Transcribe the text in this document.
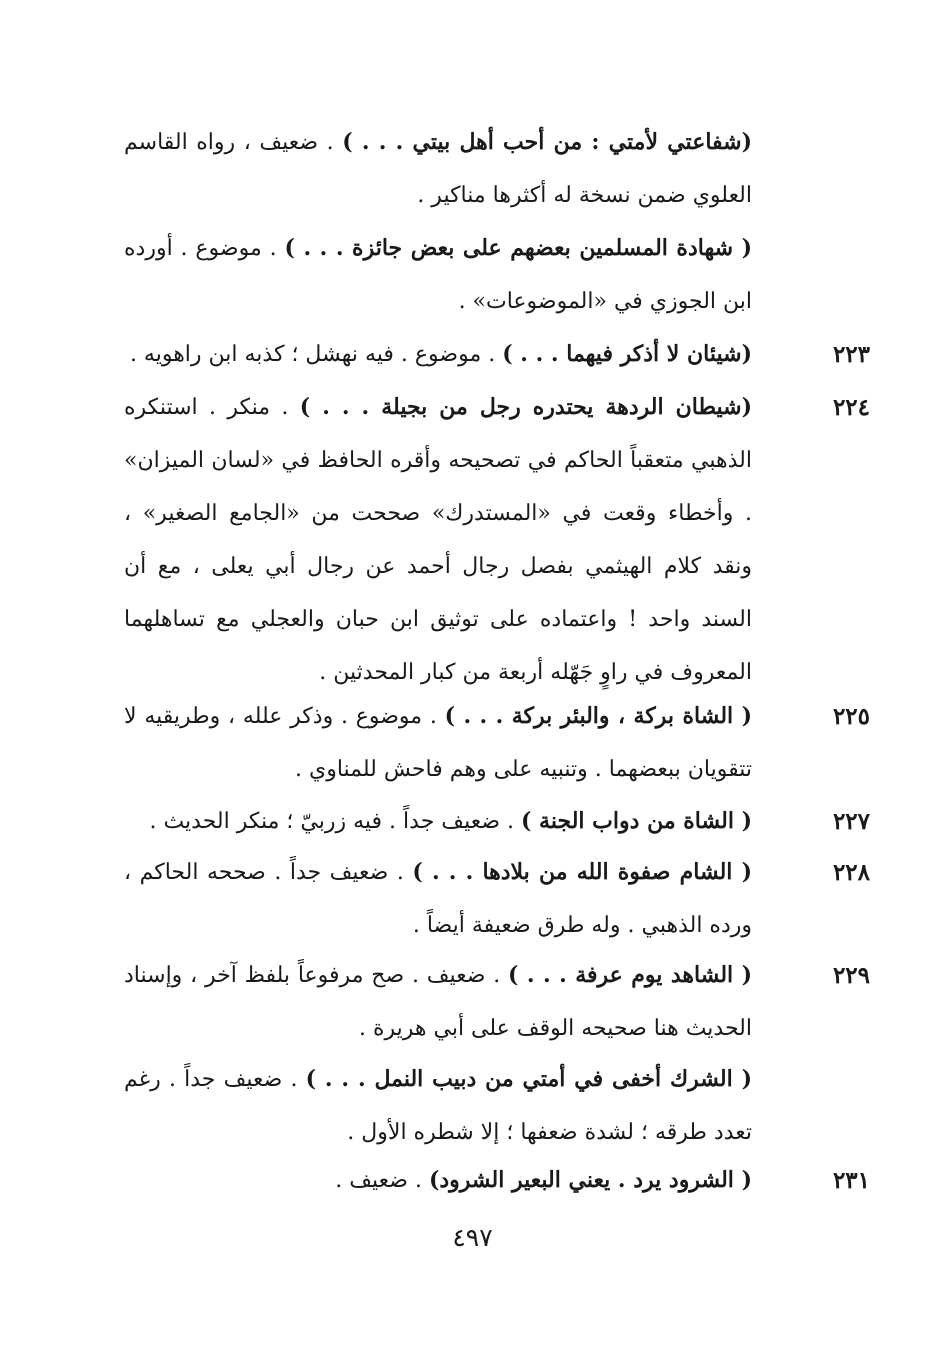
(شفاعتي لأمتي : من أحب أهل بيتي . . . ) . ضعيف ، رواه القاسم العلوي ضمن نسخة له أكثرها مناكير .
( شهادة المسلمين بعضهم على بعض جائزة . . . ) . موضوع . أورده ابن الجوزي في «الموضوعات» .
٢٢٣
(شيئان لا أذكر فيهما . . . ) . موضوع . فيه نهشل ؛ كذبه ابن راهويه .
٢٢٤
(شيطان الردهة يحتدره رجل من بجيلة . . . ) . منكر . استنكره الذهبي متعقباً الحاكم في تصحيحه وأقره الحافظ في «لسان الميزان» . وأخطاء وقعت في «المستدرك» صححت من «الجامع الصغير» ، ونقد كلام الهيثمي بفصل رجال أحمد عن رجال أبي يعلى ، مع أن السند واحد ! واعتماده على توثيق ابن حبان والعجلي مع تساهلهما المعروف في راوٍ جَهّله أربعة من كبار المحدثين .
٢٢٥
( الشاة بركة ، والبئر بركة . . . ) . موضوع . وذكر علله ، وطريقيه لا تتقويان ببعضهما . وتنبيه على وهم فاحش للمناوي .
٢٢٧
( الشاة من دواب الجنة ) . ضعيف جداً . فيه زربيّ ؛ منكر الحديث .
٢٢٨
( الشام صفوة الله من بلادها . . . ) . ضعيف جداً . صححه الحاكم ، ورده الذهبي . وله طرق ضعيفة أيضاً .
٢٢٩
( الشاهد يوم عرفة . . . ) . ضعيف . صح مرفوعاً بلفظ آخر ، وإسناد الحديث هنا صحيحه الوقف على أبي هريرة .
( الشرك أخفى في أمتي من دبيب النمل . . . ) . ضعيف جداً . رغم تعدد طرقه ؛ لشدة ضعفها ؛ إلا شطره الأول .
٢٣١
( الشرود يرد . يعني البعير الشرود) . ضعيف .
٤٩٧
